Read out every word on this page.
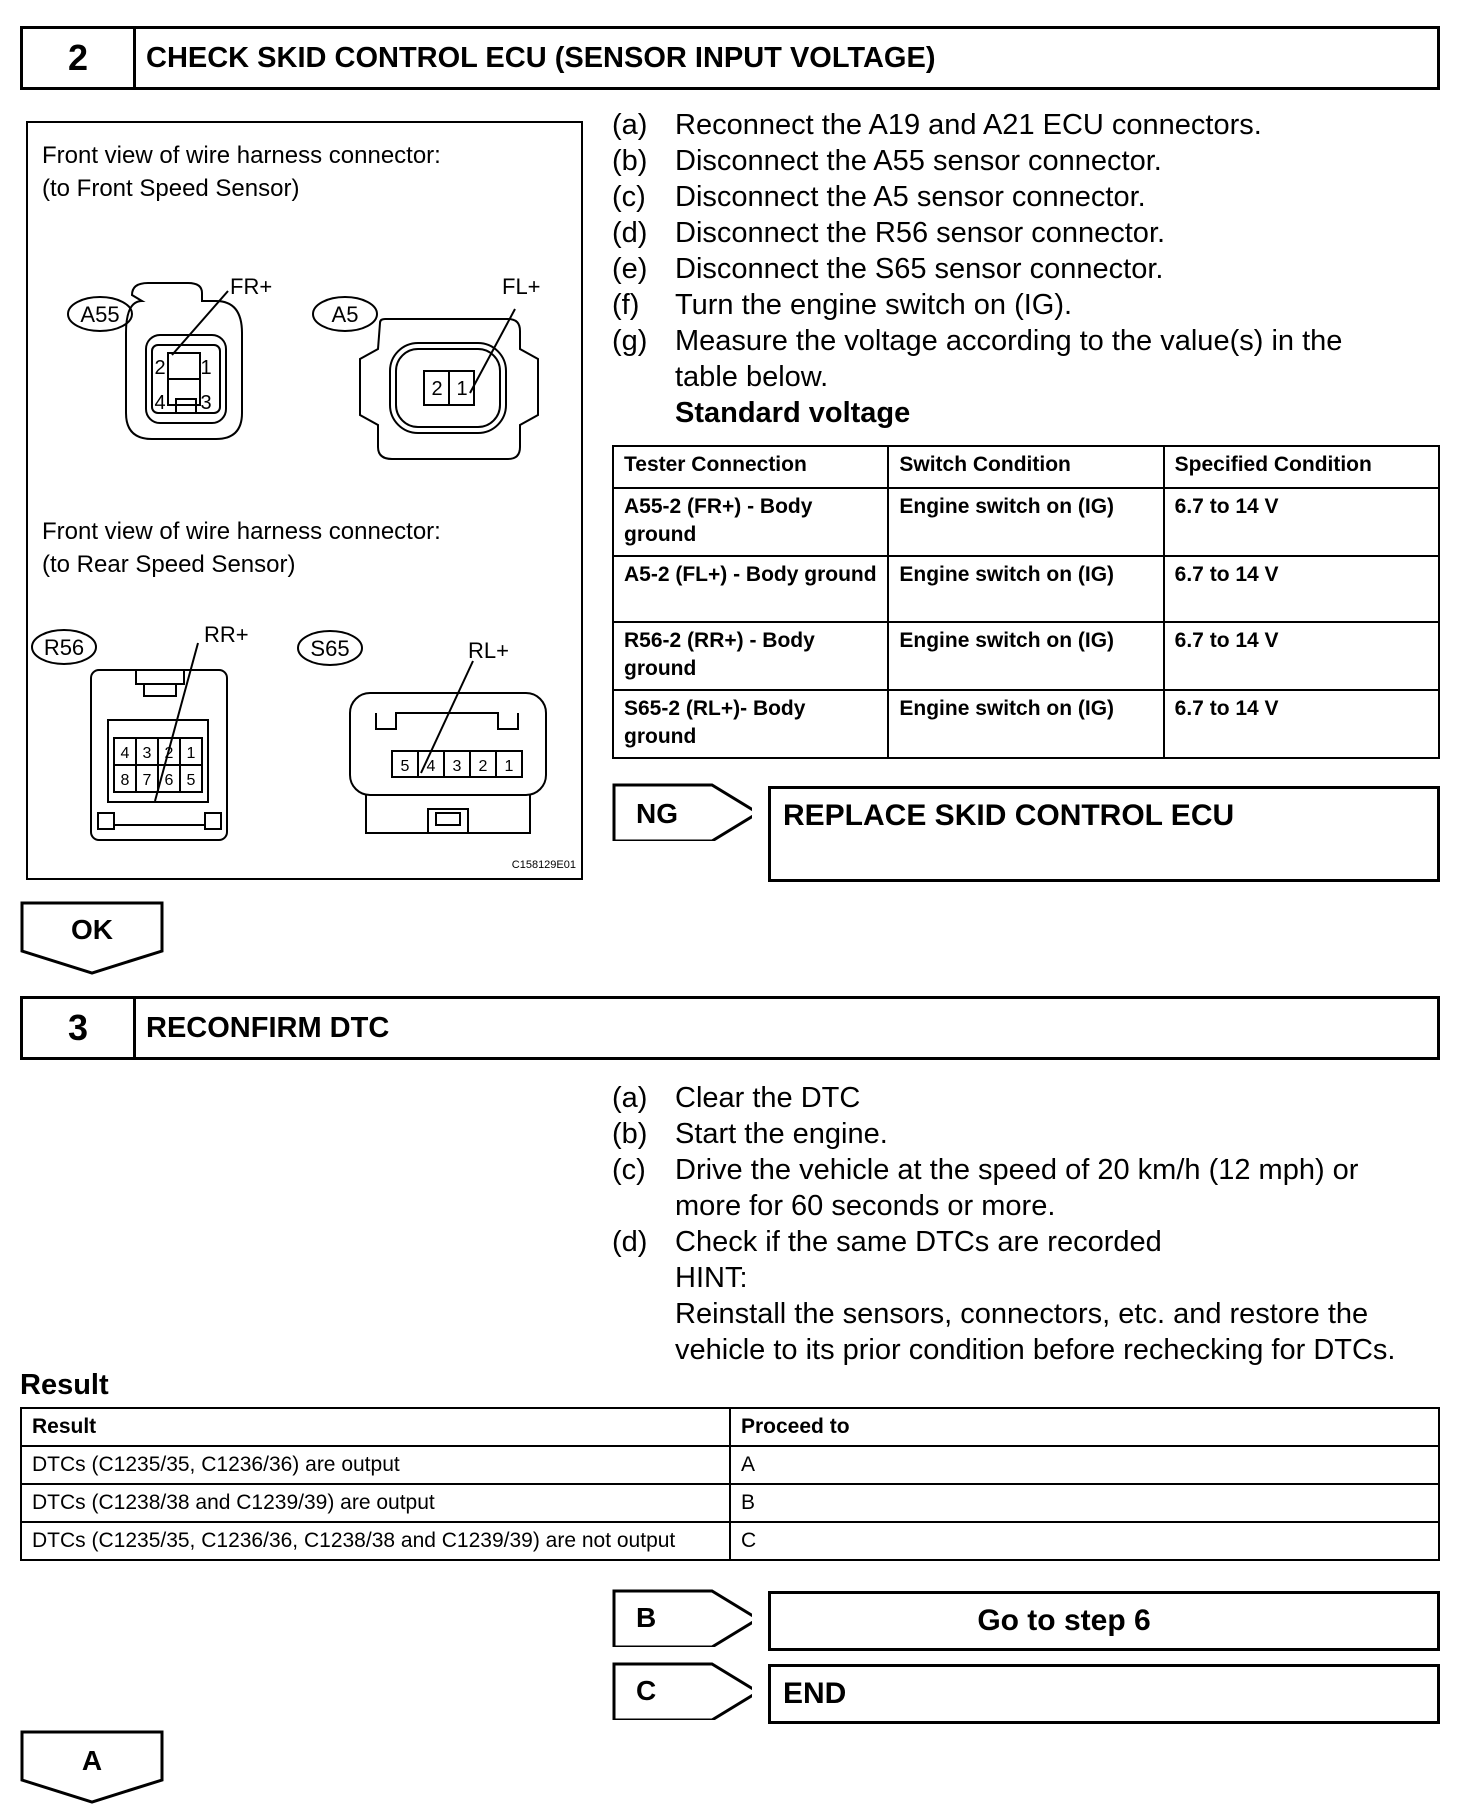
2	CHECK SKID CONTROL ECU (SENSOR INPUT VOLTAGE)
Front view of wire harness connector:
(to Front Speed Sensor)
Front view of wire harness connector:
(to Rear Speed Sensor)
A55
FR+
A5
FL+
R56
RR+
S65	RL+
2 1
4 3
2 1
4 3 2 1
8 7 6 5
5 4 3 2 1
C158129E01
(a) Reconnect the A19 and A21 ECU connectors.
(b) Disconnect the A55 sensor connector.
(c)	Disconnect the A5 sensor connector.
(d) Disconnect the R56 sensor connector.
(e) Disconnect the S65 sensor connector.
(f)	Turn the engine switch on (IG).
(g) Measure the voltage according to the value(s) in the table below.
Standard voltage
Tester Connection	Switch Condition	Specified Condition
A55-2 (FR+) - Body ground	Engine switch on (IG)	6.7 to 14 V
A5-2 (FL+) - Body ground	Engine switch on (IG)	6.7 to 14 V
R56-2 (RR+) - Body ground	Engine switch on (IG)	6.7 to 14 V
S65-2 (RL+)- Body ground	Engine switch on (IG)	6.7 to 14 V
NG	REPLACE SKID CONTROL ECU
OK
3	RECONFIRM DTC
(a) Clear the DTC
(b) Start the engine.
(c)	Drive the vehicle at the speed of 20 km/h (12 mph) or more for 60 seconds or more.
(d) Check if the same DTCs are recorded
HINT:
Reinstall the sensors, connectors, etc. and restore the vehicle to its prior condition before rechecking for DTCs.
Result
Result	Proceed to
DTCs (C1235/35, C1236/36) are output	A
DTCs (C1238/38 and C1239/39) are output	B
DTCs (C1235/35, C1236/36, C1238/38 and C1239/39) are not output	C
B	Go to step 6
C	END
A
